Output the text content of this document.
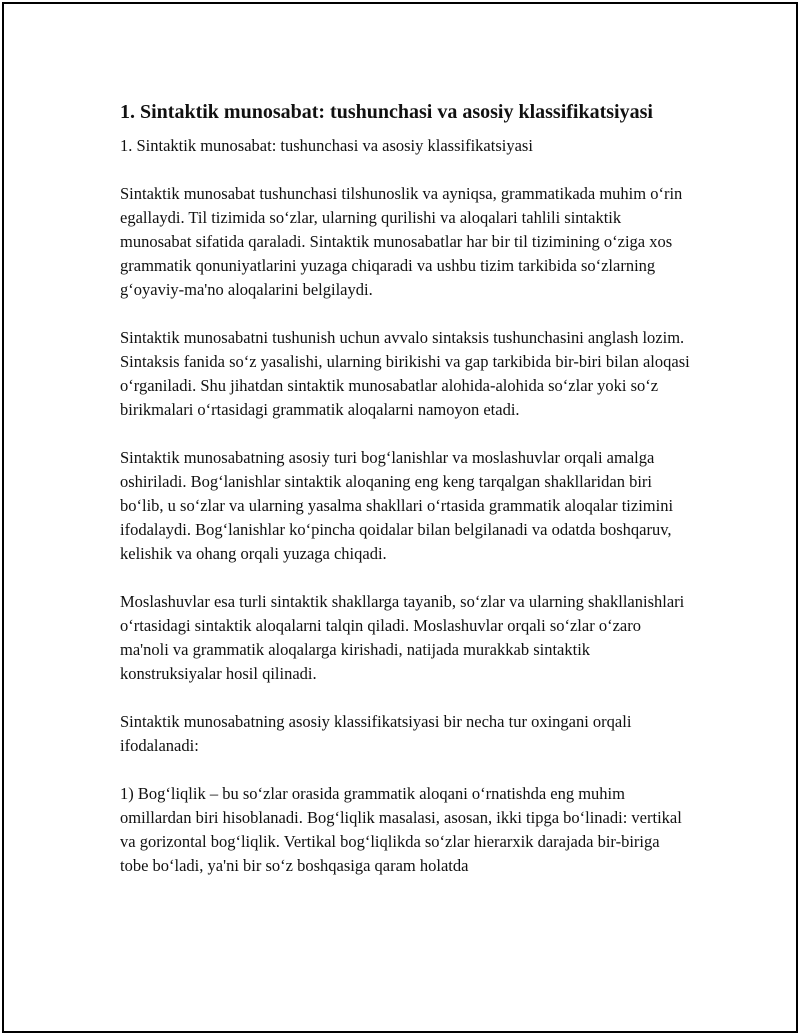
1. Sintaktik munosabat: tushunchasi va asosiy klassifikatsiyasi
1. Sintaktik munosabat: tushunchasi va asosiy klassifikatsiyasi

Sintaktik munosabat tushunchasi tilshunoslik va ayniqsa, grammatikada muhim o‘rin egallaydi. Til tizimida so‘zlar, ularning qurilishi va aloqalari tahlili sintaktik munosabat sifatida qaraladi. Sintaktik munosabatlar har bir til tizimining o‘ziga xos grammatik qonuniyatlarini yuzaga chiqaradi va ushbu tizim tarkibida so‘zlarning g‘oyaviy-ma'no aloqalarini belgilaydi.

Sintaktik munosabatni tushunish uchun avvalo sintaksis tushunchasini anglash lozim. Sintaksis fanida so‘z yasalishi, ularning birikishi va gap tarkibida bir-biri bilan aloqasi o‘rganiladi. Shu jihatdan sintaktik munosabatlar alohida-alohida so‘zlar yoki so‘z birikmalari o‘rtasidagi grammatik aloqalarni namoyon etadi.

Sintaktik munosabatning asosiy turi bog‘lanishlar va moslashuvlar orqali amalga oshiriladi. Bog‘lanishlar sintaktik aloqaning eng keng tarqalgan shakllaridan biri bo‘lib, u so‘zlar va ularning yasalma shakllari o‘rtasida grammatik aloqalar tizimini ifodalaydi. Bog‘lanishlar ko‘pincha qoidalar bilan belgilanadi va odatda boshqaruv, kelishik va ohang orqali yuzaga chiqadi.

Moslashuvlar esa turli sintaktik shakllarga tayanib, so‘zlar va ularning shakllanishlari o‘rtasidagi sintaktik aloqalarni talqin qiladi. Moslashuvlar orqali so‘zlar o‘zaro ma'noli va grammatik aloqalarga kirishadi, natijada murakkab sintaktik konstruksiyalar hosil qilinadi.

Sintaktik munosabatning asosiy klassifikatsiyasi bir necha tur oxingani orqali ifodalanadi:

1) Bog‘liqlik – bu so‘zlar orasida grammatik aloqani o‘rnatishda eng muhim omillardan biri hisoblanadi. Bog‘liqlik masalasi, asosan, ikki tipga bo‘linadi: vertikal va gorizontal bog‘liqlik. Vertikal bog‘liqlikda so‘zlar hierarxik darajada bir-biriga tobe bo‘ladi, ya'ni bir so‘z boshqasiga qaram holatda
